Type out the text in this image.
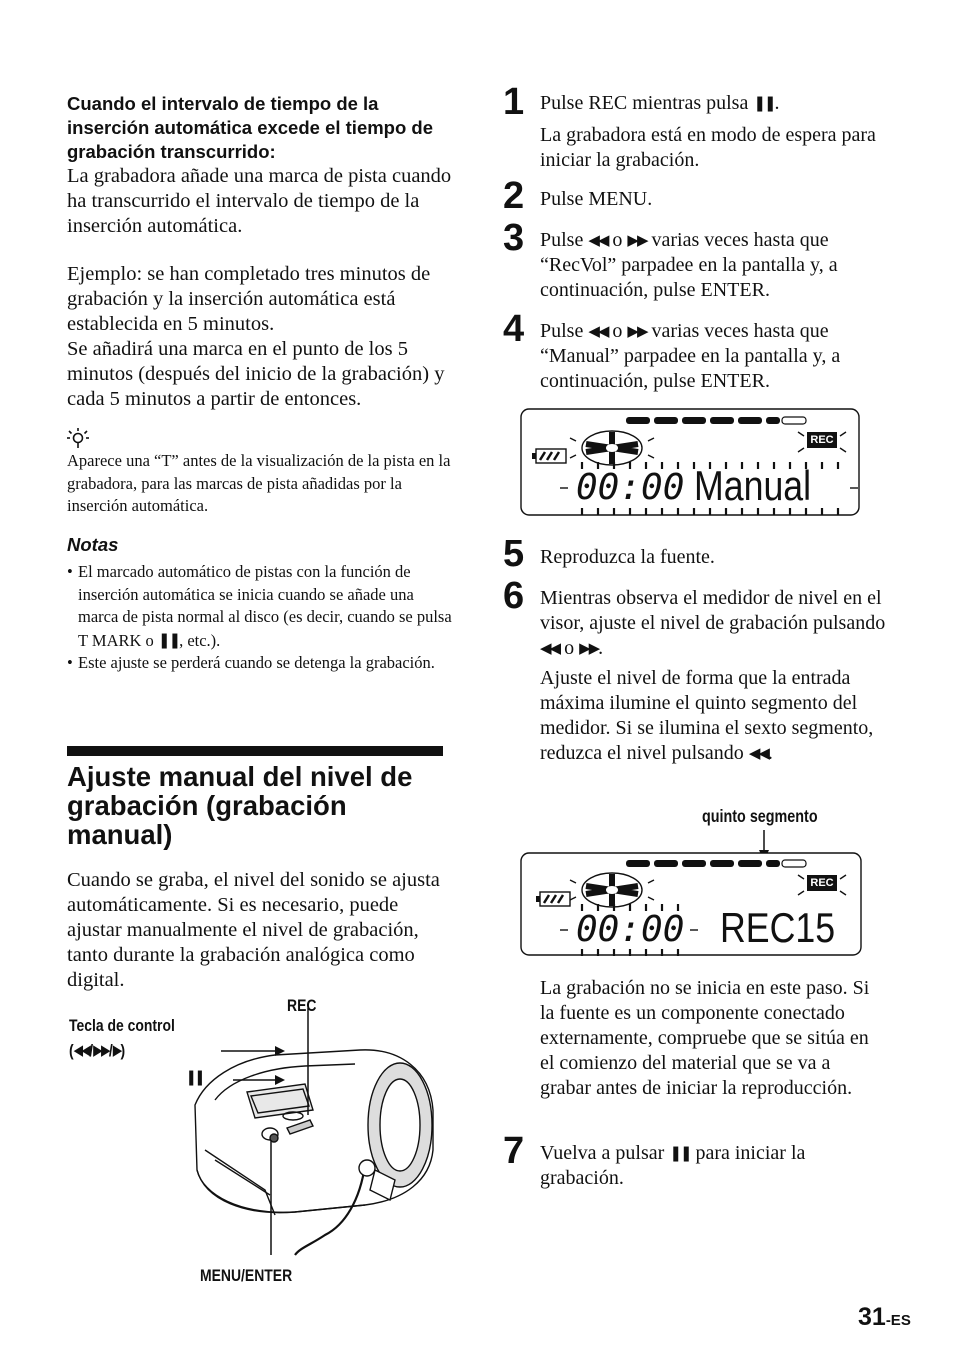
Cuando el intervalo de tiempo de la inserción automática excede el tiempo de grabación transcurrido:

La grabadora añade una marca de pista cuando ha transcurrido el intervalo de tiempo de la inserción automática.

Ejemplo: se han completado tres minutos de grabación y la inserción automática está establecida en 5 minutos.

Se añadirá una marca en el punto de los 5 minutos (después del inicio de la grabación) y cada 5 minutos a partir de entonces.

Aparece una “T” antes de la visualización de la pista en la grabadora, para las marcas de pista añadidas por la inserción automática.

Notas

• El marcado automático de pistas con la función de inserción automática se inicia cuando se añade una marca de pista normal al disco (es decir, cuando se pulsa T MARK o ❚❚, etc.).
• Este ajuste se perderá cuando se detenga la grabación.

Ajuste manual del nivel de grabación (grabación manual)

Cuando se graba, el nivel del sonido se ajusta automáticamente. Si es necesario, puede ajustar manualmente el nivel de grabación, tanto durante la grabación analógica como digital.

REC
Tecla de control
(◀◀/▶▶/▶)
❚❚
MENU/ENTER
1 Pulse REC mientras pulsa ❚❚.

La grabadora está en modo de espera para iniciar la grabación.

2 Pulse MENU.

3 Pulse ◀◀ o ▶▶ varias veces hasta que “RecVol” parpadee en la pantalla y, a continuación, pulse ENTER.

4 Pulse ◀◀ o ▶▶ varias veces hasta que “Manual” parpadee en la pantalla y, a continuación, pulse ENTER.

REC
00:00 Manual
5 Reproduzca la fuente.

6 Mientras observa el medidor de nivel en el visor, ajuste el nivel de grabación pulsando ◀◀ o ▶▶.

Ajuste el nivel de forma que la entrada máxima ilumine el quinto segmento del medidor. Si se ilumina el sexto segmento, reduzca el nivel pulsando ◀◀.

quinto segmento
REC
00:00 REC15

La grabación no se inicia en este paso. Si la fuente es un componente conectado externamente, compruebe que se sitúa en el comienzo del material que se va a grabar antes de iniciar la reproducción.

7 Vuelva a pulsar ❚❚ para iniciar la grabación.

31-ES
